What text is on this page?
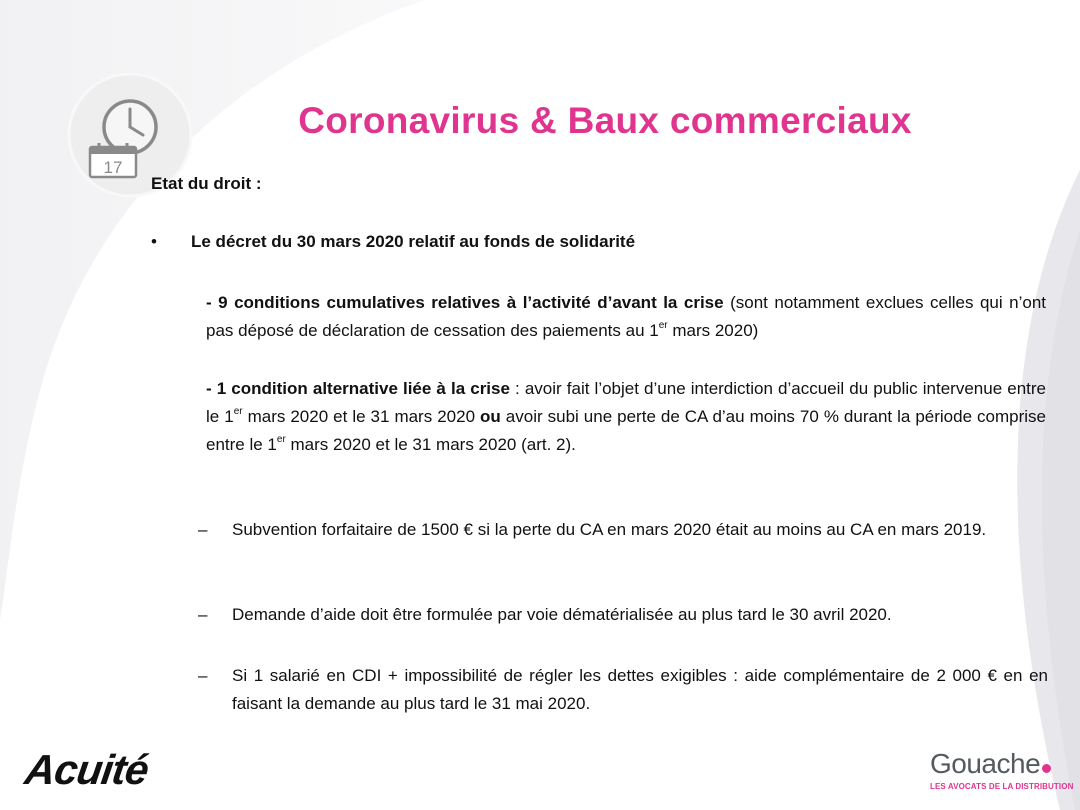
17
Coronavirus & Baux commerciaux
Etat du droit :
• Le décret du 30 mars 2020 relatif au fonds de solidarité
- 9 conditions cumulatives relatives à l’activité d’avant la crise (sont notamment exclues celles qui n’ont pas déposé de déclaration de cessation des paiements au 1er mars 2020)
- 1 condition alternative liée à la crise : avoir fait l’objet d’une interdiction d’accueil du public intervenue entre le 1er mars 2020 et le 31 mars 2020 ou avoir subi une perte de CA d’au moins 70 % durant la période comprise entre le 1er mars 2020 et le 31 mars 2020 (art. 2).
– Subvention forfaitaire de 1500 € si la perte du CA en mars 2020 était au moins au CA en mars 2019.
– Demande d’aide doit être formulée par voie dématérialisée au plus tard le 30 avril 2020.
– Si 1 salarié en CDI + impossibilité de régler les dettes exigibles : aide complémentaire de 2 000 € en en faisant la demande au plus tard le 31 mai 2020.
Acuité	Gouache
LES AVOCATS DE LA DISTRIBUTION
